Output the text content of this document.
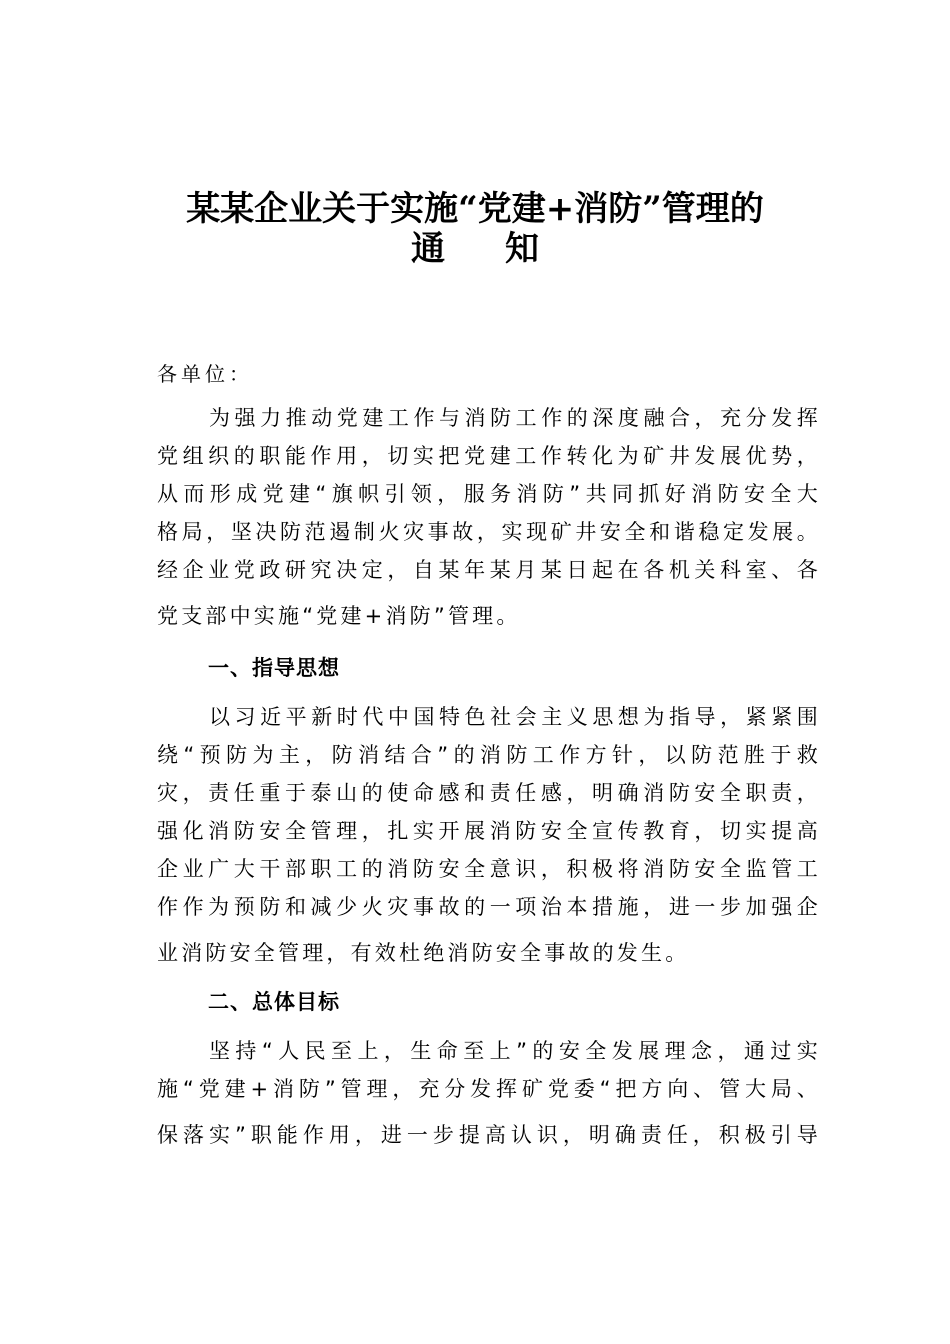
某某企业关于实施“党建+消防”管理的
通知
各单位：
为强力推动党建工作与消防工作的深度融合，充分发挥
党组织的职能作用，切实把党建工作转化为矿井发展优势，
从而形成党建“旗帜引领，服务消防”共同抓好消防安全大
格局，坚决防范遏制火灾事故，实现矿井安全和谐稳定发展。
经企业党政研究决定，自某年某月某日起在各机关科室、各
党支部中实施“党建+消防”管理。
一、指导思想
以习近平新时代中国特色社会主义思想为指导，紧紧围
绕“预防为主，防消结合”的消防工作方针，以防范胜于救
灾，责任重于泰山的使命感和责任感，明确消防安全职责，
强化消防安全管理，扎实开展消防安全宣传教育，切实提高
企业广大干部职工的消防安全意识，积极将消防安全监管工
作作为预防和减少火灾事故的一项治本措施，进一步加强企
业消防安全管理，有效杜绝消防安全事故的发生。
二、总体目标
坚持“人民至上，生命至上”的安全发展理念，通过实
施“党建+消防”管理，充分发挥矿党委“把方向、管大局、
保落实”职能作用，进一步提高认识，明确责任，积极引导
